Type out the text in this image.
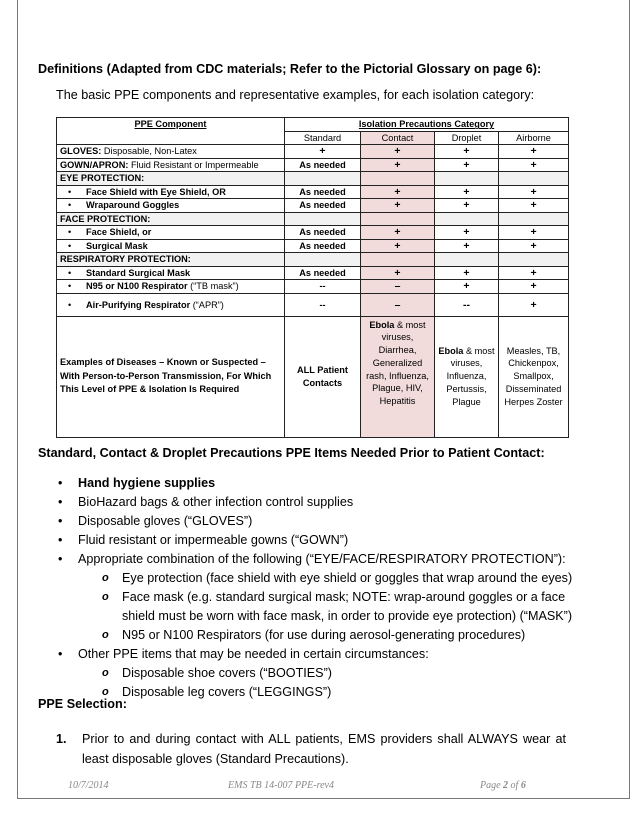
Definitions (Adapted from CDC materials; Refer to the Pictorial Glossary on page 6):
The basic PPE components and representative examples, for each isolation category:
PPE Component	Isolation Precautions Category			
	Standard	Contact	Droplet	Airborne
GLOVES: Disposable, Non-Latex	+	+	+	+
GOWN/APRON: Fluid Resistant or Impermeable	As needed	+	+	+
EYE PROTECTION:				
• Face Shield with Eye Shield, OR	As needed	+	+	+
• Wraparound Goggles	As needed	+	+	+
FACE PROTECTION:				
• Face Shield, or	As needed	+	+	+
• Surgical Mask	As needed	+	+	+
RESPIRATORY PROTECTION:				
• Standard Surgical Mask	As needed	+	+	+
• N95 or N100 Respirator (“TB mask”)	--	–	+	+
• Air-Purifying Respirator (“APR”)	--	–	--	+
Examples of Diseases – Known or Suspected – With Person-to-Person Transmission, For Which This Level of PPE & Isolation Is Required	ALL Patient Contacts	Ebola & most viruses, Diarrhea, Generalized rash, Influenza, Plague, HIV, Hepatitis	Ebola & most viruses, Influenza, Pertussis, Plague	Measles, TB, Chickenpox, Smallpox, Disseminated Herpes Zoster
Standard, Contact & Droplet Precautions PPE Items Needed Prior to Patient Contact:
• Hand hygiene supplies
• BioHazard bags & other infection control supplies
• Disposable gloves (“GLOVES”)
• Fluid resistant or impermeable gowns (“GOWN”)
• Appropriate combination of the following (“EYE/FACE/RESPIRATORY PROTECTION”):
o Eye protection (face shield with eye shield or goggles that wrap around the eyes)
o Face mask (e.g. standard surgical mask; NOTE: wrap-around goggles or a face
shield must be worn with face mask, in order to provide eye protection) (“MASK”)
o N95 or N100 Respirators (for use during aerosol-generating procedures)
• Other PPE items that may be needed in certain circumstances:
o Disposable shoe covers (“BOOTIES”)
o Disposable leg covers (“LEGGINGS”)
PPE Selection:
1.	Prior to and during contact with ALL patients, EMS providers shall ALWAYS wear at least disposable gloves (Standard Precautions).
10/7/2014	EMS TB 14-007 PPE-rev4	Page 2 of 6
